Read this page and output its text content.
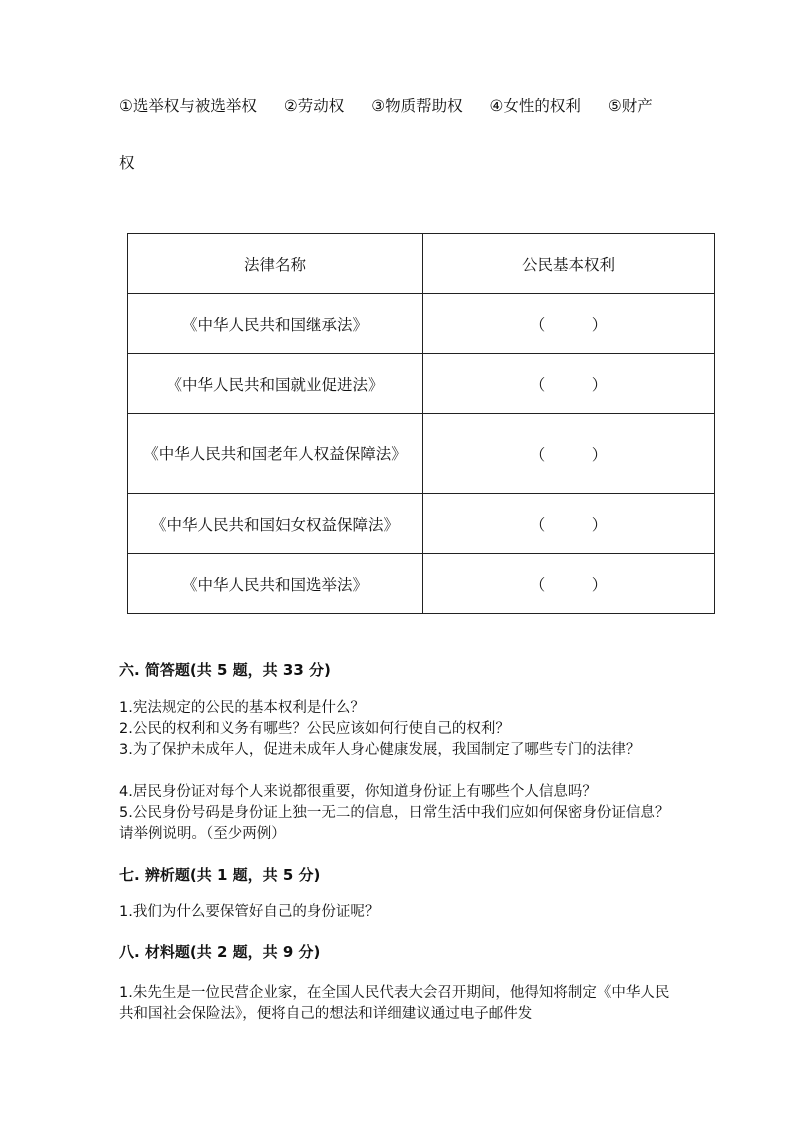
①选举权与被选举权 ②劳动权 ③物质帮助权 ④女性的权利 ⑤财产
权
法律名称	公民基本权利
《中华人民共和国继承法》	（　　　）
《中华人民共和国就业促进法》	（　　　）
《中华人民共和国老年人权益保障法》	（　　　）
《中华人民共和国妇女权益保障法》	（　　　）
《中华人民共和国选举法》	（　　　）
六. 简答题(共 5 题，共 33 分)
1.宪法规定的公民的基本权利是什么？
2.公民的权利和义务有哪些？公民应该如何行使自己的权利？
3.为了保护未成年人，促进未成年人身心健康发展，我国制定了哪些专门的法律？
4.居民身份证对每个人来说都很重要，你知道身份证上有哪些个人信息吗？
5.公民身份号码是身份证上独一无二的信息，日常生活中我们应如何保密身份证信息？请举例说明。（至少两例）
七. 辨析题(共 1 题，共 5 分)
1.我们为什么要保管好自己的身份证呢？
八. 材料题(共 2 题，共 9 分)
1.朱先生是一位民营企业家，在全国人民代表大会召开期间，他得知将制定《中华人民共和国社会保险法》，便将自己的想法和详细建议通过电子邮件发
